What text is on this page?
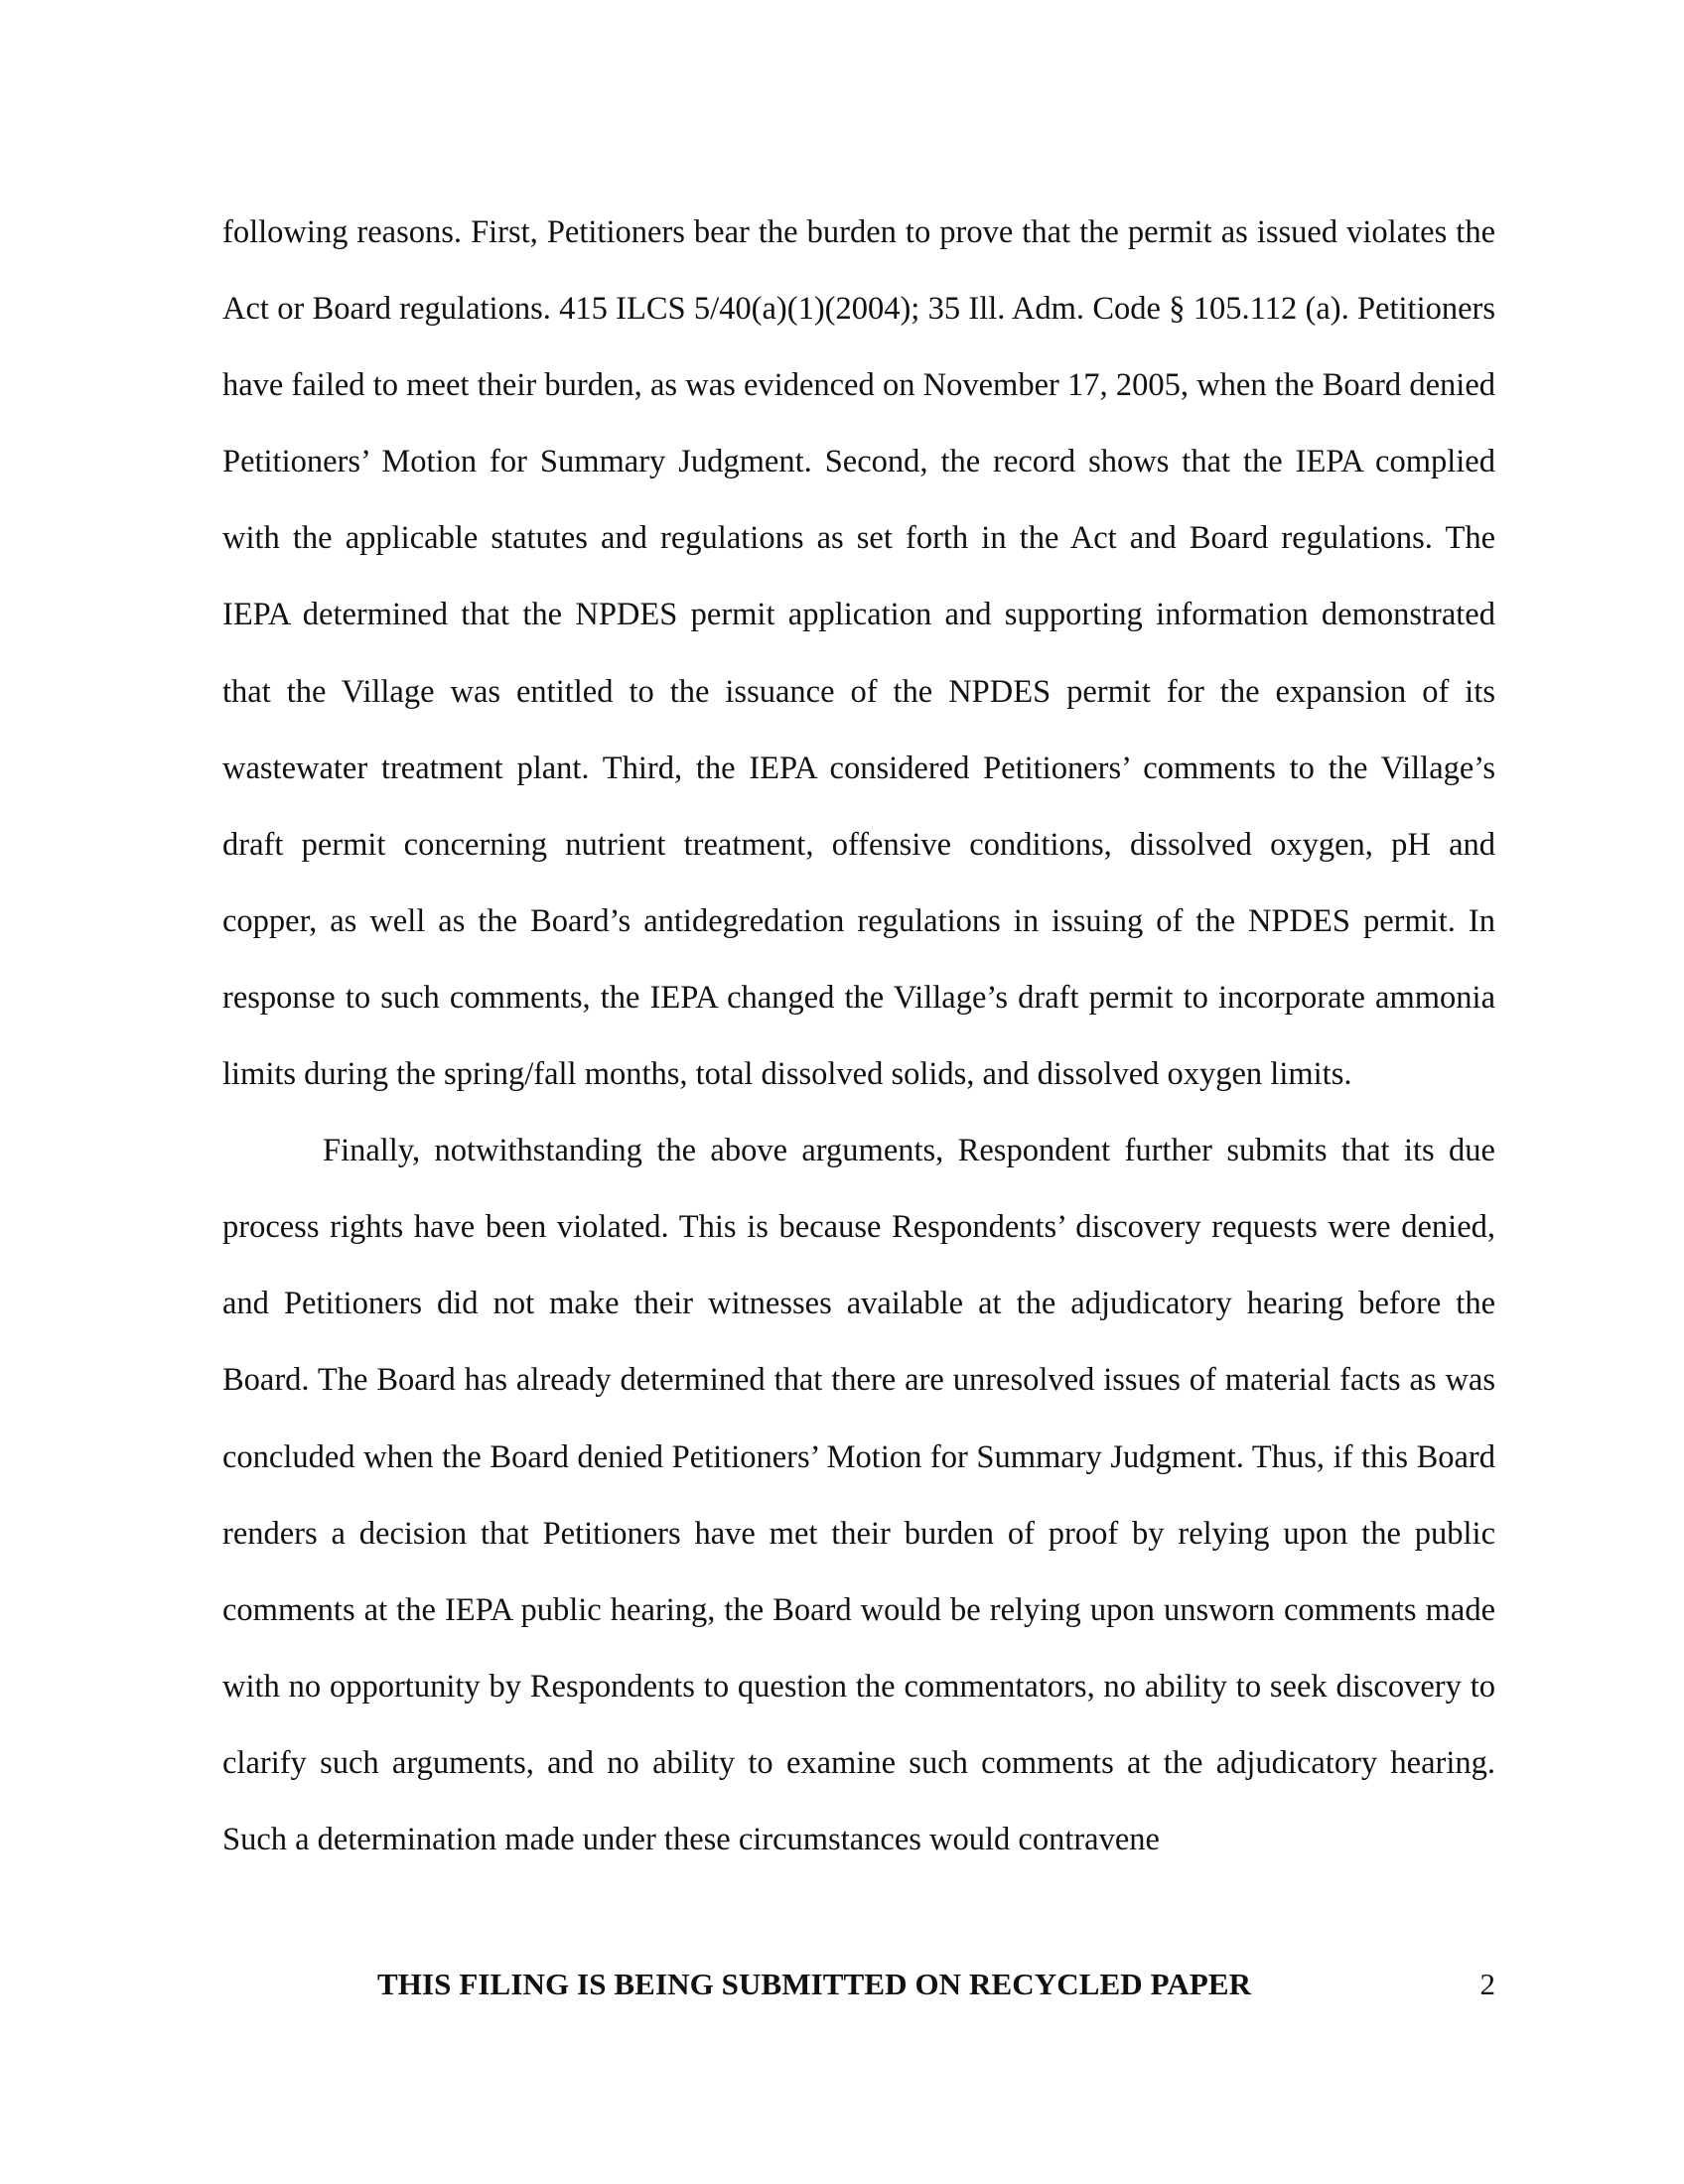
following reasons. First, Petitioners bear the burden to prove that the permit as issued violates the Act or Board regulations. 415 ILCS 5/40(a)(1)(2004); 35 Ill. Adm. Code § 105.112 (a). Petitioners have failed to meet their burden, as was evidenced on November 17, 2005, when the Board denied Petitioners’ Motion for Summary Judgment. Second, the record shows that the IEPA complied with the applicable statutes and regulations as set forth in the Act and Board regulations. The IEPA determined that the NPDES permit application and supporting information demonstrated that the Village was entitled to the issuance of the NPDES permit for the expansion of its wastewater treatment plant. Third, the IEPA considered Petitioners’ comments to the Village’s draft permit concerning nutrient treatment, offensive conditions, dissolved oxygen, pH and copper, as well as the Board’s antidegredation regulations in issuing of the NPDES permit. In response to such comments, the IEPA changed the Village’s draft permit to incorporate ammonia limits during the spring/fall months, total dissolved solids, and dissolved oxygen limits.

Finally, notwithstanding the above arguments, Respondent further submits that its due process rights have been violated. This is because Respondents’ discovery requests were denied, and Petitioners did not make their witnesses available at the adjudicatory hearing before the Board. The Board has already determined that there are unresolved issues of material facts as was concluded when the Board denied Petitioners’ Motion for Summary Judgment. Thus, if this Board renders a decision that Petitioners have met their burden of proof by relying upon the public comments at the IEPA public hearing, the Board would be relying upon unsworn comments made with no opportunity by Respondents to question the commentators, no ability to seek discovery to clarify such arguments, and no ability to examine such comments at the adjudicatory hearing. Such a determination made under these circumstances would contravene

THIS FILING IS BEING SUBMITTED ON RECYCLED PAPER	2
